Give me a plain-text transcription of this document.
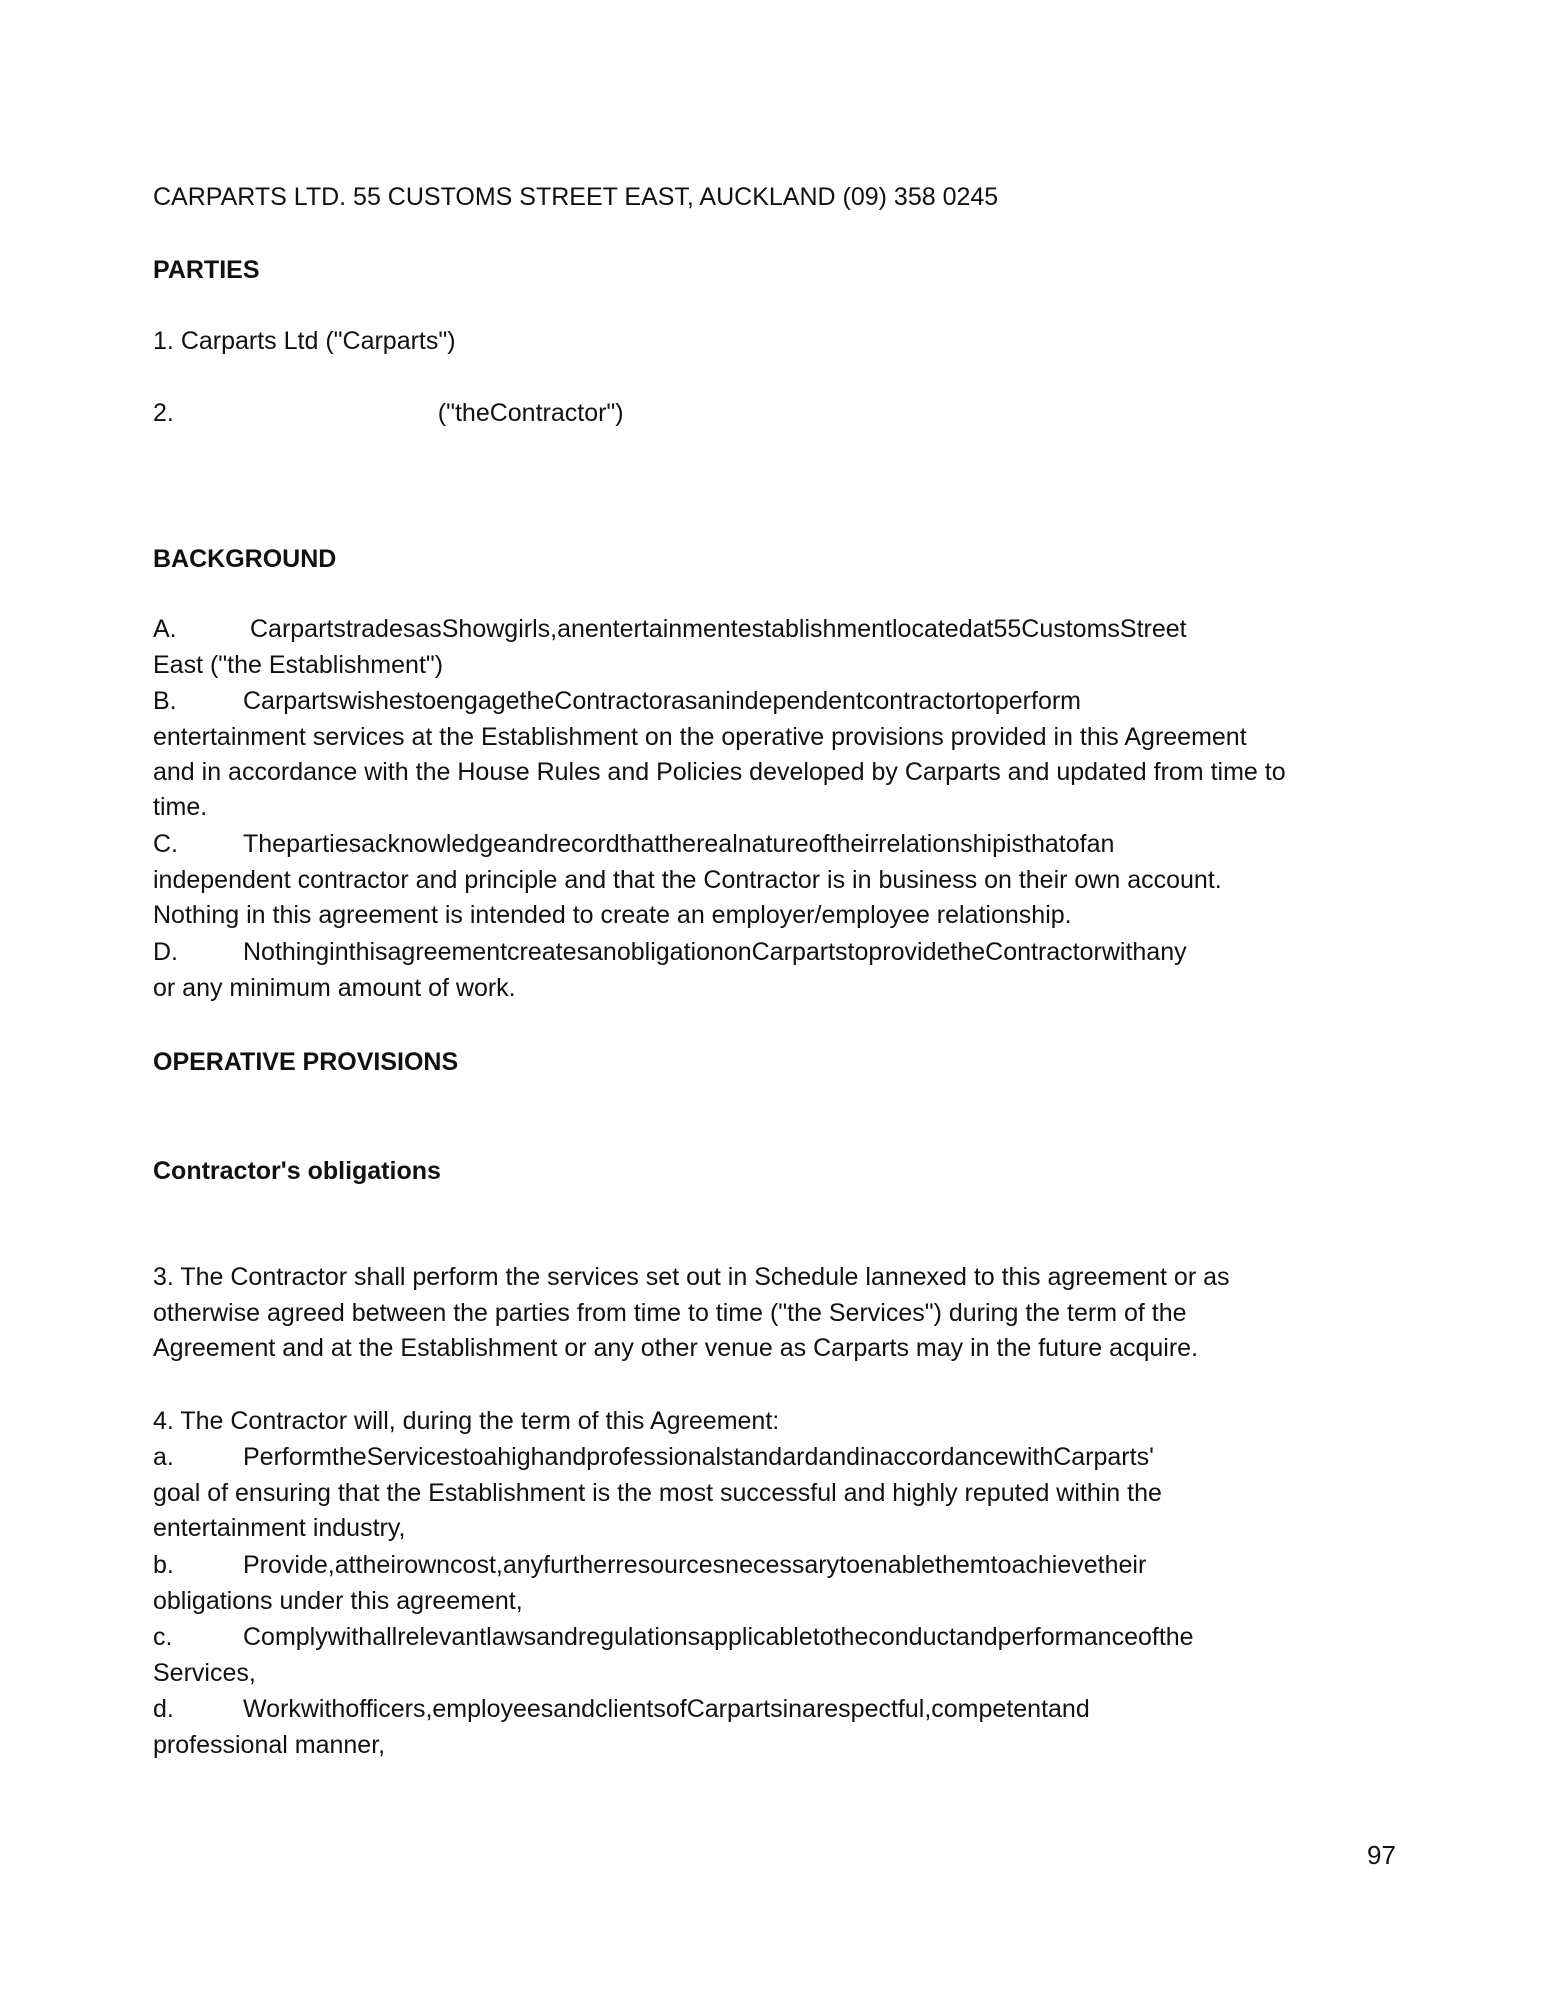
CARPARTS LTD. 55 CUSTOMS STREET EAST, AUCKLAND (09) 358 0245
PARTIES
1. Carparts Ltd ("Carparts")
2.	("theContractor")
BACKGROUND
A.	CarpartstradesasShowgirls,anentertainmentestablishmentlocatedat55CustomsStreet
East ("the Establishment")
B.	CarpartswishestoengagetheContractorasanindependentcontractortoperform
entertainment services at the Establishment on the operative provisions provided in this Agreement
and in accordance with the House Rules and Policies developed by Carparts and updated from time to
time.
C.	Thepartiesacknowledgeandrecordthattherealnatureoftheirrelationshipisthatofan
independent contractor and principle and that the Contractor is in business on their own account.
Nothing in this agreement is intended to create an employer/employee relationship.
D.	NothinginthisagreementcreatesanobligationonCarpartstoprovidetheContractorwithany
or any minimum amount of work.
OPERATIVE PROVISIONS
Contractor's obligations
3. The Contractor shall perform the services set out in Schedule lannexed to this agreement or as
otherwise agreed between the parties from time to time ("the Services") during the term of the
Agreement and at the Establishment or any other venue as Carparts may in the future acquire.
4. The Contractor will, during the term of this Agreement:
a.	PerformtheServicestoahighandprofessionalstandardandinaccordancewithCarparts'
goal of ensuring that the Establishment is the most successful and highly reputed within the
entertainment industry,
b.	Provide,attheirowncost,anyfurtherresourcesnecessarytoenablethemtoachievetheir
obligations under this agreement,
c.	Complywithallrelevantlawsandregulationsapplicabletotheconductandperformanceofthe
Services,
d.	Workwithofficers,employeesandclientsofCarpartsinarespectful,competentand
professional manner,
97
